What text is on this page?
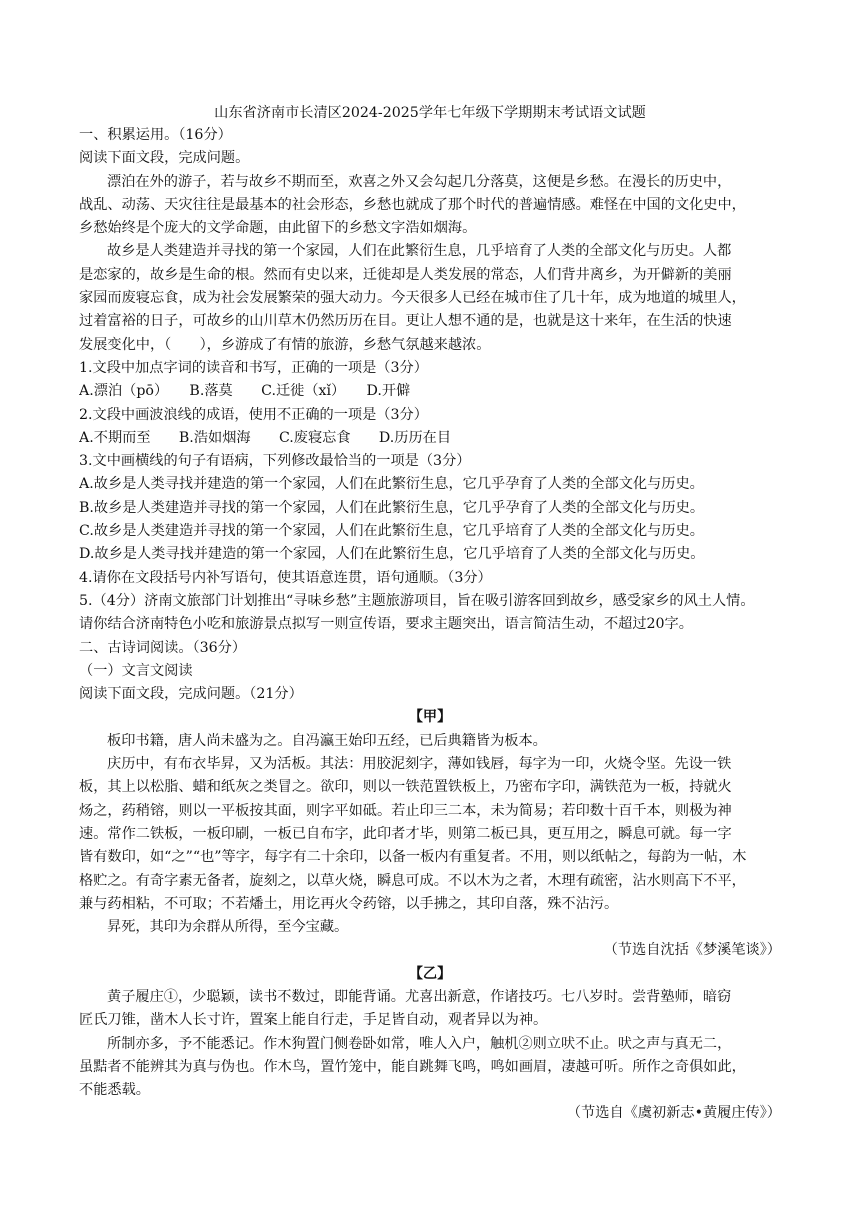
山东省济南市长清区2024-2025学年七年级下学期期末考试语文试题
一、积累运用。（16分）
阅读下面文段，完成问题。
漂泊在外的游子，若与故乡不期而至，欢喜之外又会勾起几分落莫，这便是乡愁。在漫长的历史中，
战乱、动荡、天灾往往是最基本的社会形态，乡愁也就成了那个时代的普遍情感。难怪在中国的文化史中，
乡愁始终是个庞大的文学命题，由此留下的乡愁文字浩如烟海。
故乡是人类建造并寻找的第一个家园，人们在此繁衍生息，几乎培育了人类的全部文化与历史。人都
是恋家的，故乡是生命的根。然而有史以来，迁徙却是人类发展的常态，人们背井离乡，为开僻新的美丽
家园而废寝忘食，成为社会发展繁荣的强大动力。今天很多人已经在城市住了几十年，成为地道的城里人，
过着富裕的日子，可故乡的山川草木仍然历历在目。更让人想不通的是，也就是这十来年，在生活的快速
发展变化中，（　　），乡游成了有情的旅游，乡愁气氛越来越浓。
1.文段中加点字词的读音和书写，正确的一项是（3分）
A.漂泊（pō）　　B.落莫　　C.迁徙（xǐ）　　D.开僻
2.文段中画波浪线的成语，使用不正确的一项是（3分）
A.不期而至　　B.浩如烟海　　C.废寝忘食　　D.历历在目
3.文中画横线的句子有语病，下列修改最恰当的一项是（3分）
A.故乡是人类寻找并建造的第一个家园，人们在此繁衍生息，它几乎孕育了人类的全部文化与历史。
B.故乡是人类建造并寻找的第一个家园，人们在此繁衍生息，它几乎孕育了人类的全部文化与历史。
C.故乡是人类建造并寻找的第一个家园，人们在此繁衍生息，它几乎培育了人类的全部文化与历史。
D.故乡是人类寻找并建造的第一个家园，人们在此繁衍生息，它几乎培育了人类的全部文化与历史。
4.请你在文段括号内补写语句，使其语意连贯，语句通顺。（3分）
5.（4分）济南文旅部门计划推出“寻味乡愁”主题旅游项目，旨在吸引游客回到故乡，感受家乡的风土人情。
请你结合济南特色小吃和旅游景点拟写一则宣传语，要求主题突出，语言简洁生动，不超过20字。
二、古诗词阅读。（36分）
（一）文言文阅读
阅读下面文段，完成问题。（21分）
【甲】
板印书籍，唐人尚未盛为之。自冯瀛王始印五经，已后典籍皆为板本。
庆历中，有布衣毕昇，又为活板。其法：用胶泥刻字，薄如钱唇，每字为一印，火烧令坚。先设一铁
板，其上以松脂、蜡和纸灰之类冒之。欲印，则以一铁范置铁板上，乃密布字印，满铁范为一板，持就火
炀之，药稍镕，则以一平板按其面，则字平如砥。若止印三二本，未为简易；若印数十百千本，则极为神
速。常作二铁板，一板印刷，一板已自布字，此印者才毕，则第二板已具，更互用之，瞬息可就。每一字
皆有数印，如“之”“也”等字，每字有二十余印，以备一板内有重复者。不用，则以纸帖之，每韵为一帖，木
格贮之。有奇字素无备者，旋刻之，以草火烧，瞬息可成。不以木为之者，木理有疏密，沾水则高下不平，
兼与药相粘，不可取；不若燔土，用讫再火令药镕，以手拂之，其印自落，殊不沾污。
昇死，其印为余群从所得，至今宝藏。
（节选自沈括《梦溪笔谈》）
【乙】
黄子履庄①，少聪颖，读书不数过，即能背诵。尤喜出新意，作诸技巧。七八岁时。尝背塾师，暗窃
匠氏刀锥，凿木人长寸许，置案上能自行走，手足皆自动，观者异以为神。
所制亦多，予不能悉记。作木狗置门侧卷卧如常，唯人入户，触机②则立吠不止。吠之声与真无二，
虽黠者不能辨其为真与伪也。作木鸟，置竹笼中，能自跳舞飞鸣，鸣如画眉，凄越可听。所作之奇俱如此，
不能悉载。
（节选自《虞初新志•黄履庄传》）
